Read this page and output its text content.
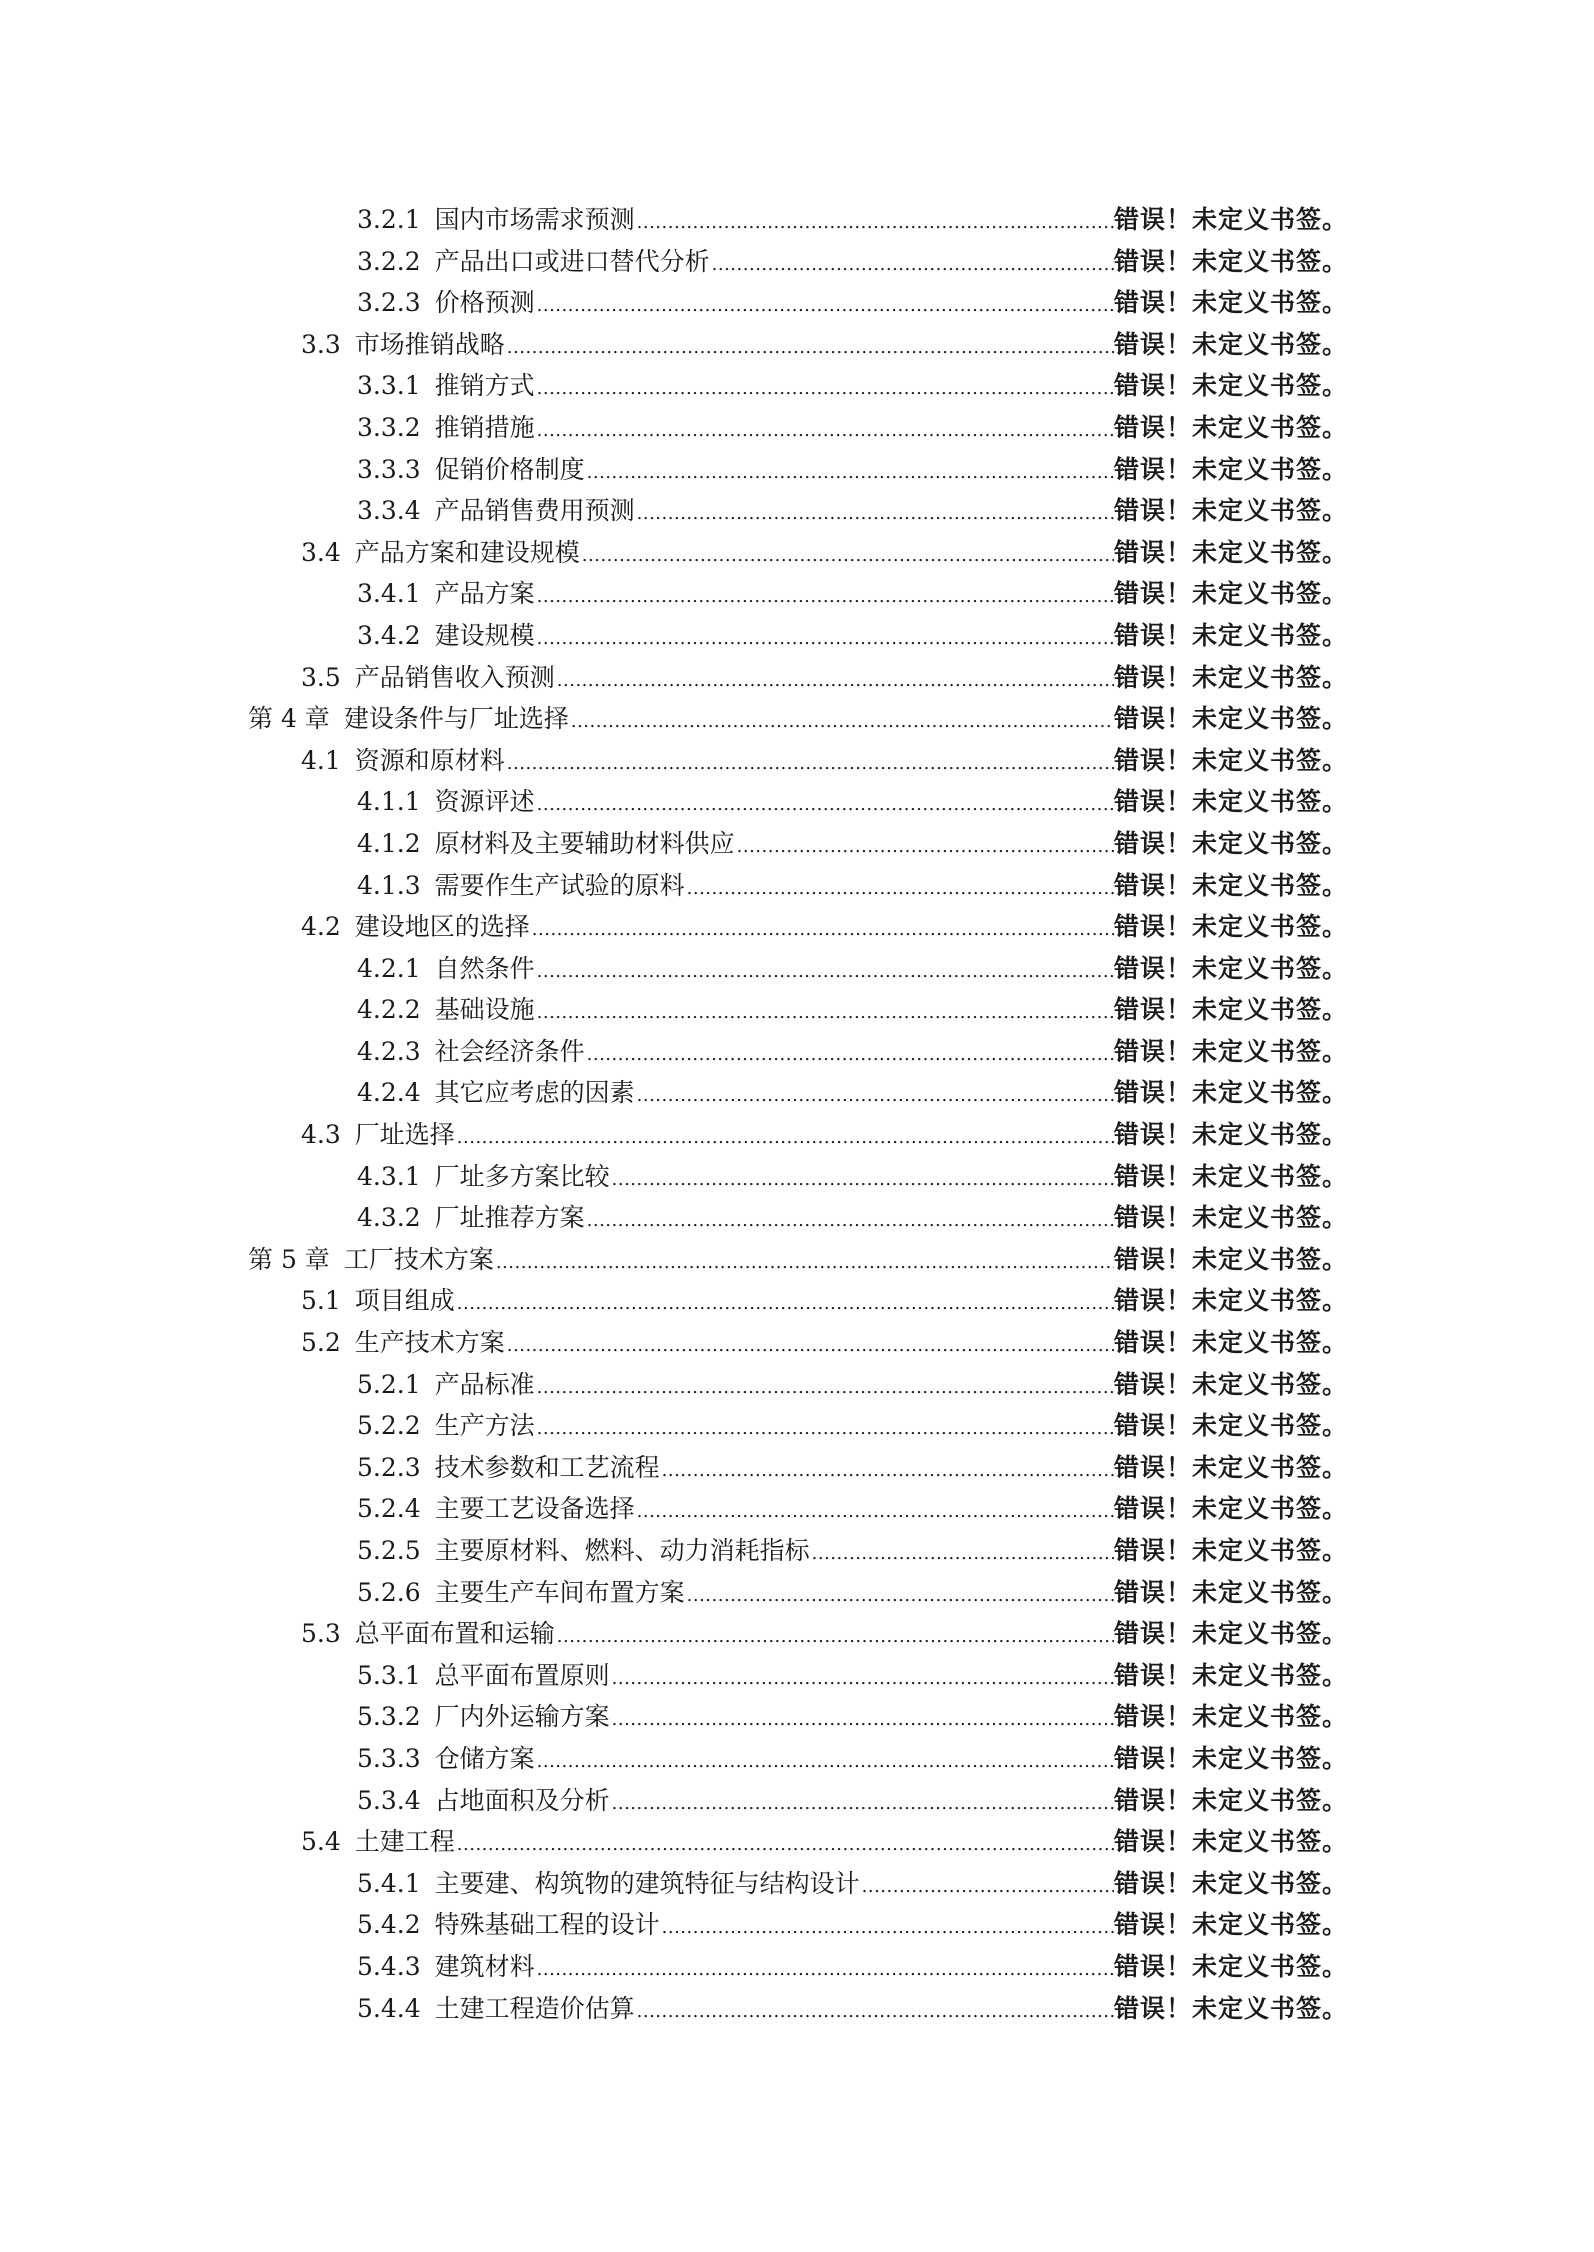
3.2.1 国内市场需求预测 .....	错误！未定义书签。
3.2.2 产品出口或进口替代分析 .....	错误！未定义书签。
3.2.3 价格预测 .....	错误！未定义书签。
3.3 市场推销战略 .....	错误！未定义书签。
3.3.1 推销方式 .....	错误！未定义书签。
3.3.2 推销措施 .....	错误！未定义书签。
3.3.3 促销价格制度 .....	错误！未定义书签。
3.3.4 产品销售费用预测 .....	错误！未定义书签。
3.4 产品方案和建设规模 .....	错误！未定义书签。
3.4.1 产品方案 .....	错误！未定义书签。
3.4.2 建设规模 .....	错误！未定义书签。
3.5 产品销售收入预测 .....	错误！未定义书签。
第 4 章 建设条件与厂址选择 .....	错误！未定义书签。
4.1 资源和原材料 .....	错误！未定义书签。
4.1.1 资源评述 .....	错误！未定义书签。
4.1.2 原材料及主要辅助材料供应 .....	错误！未定义书签。
4.1.3 需要作生产试验的原料 .....	错误！未定义书签。
4.2 建设地区的选择 .....	错误！未定义书签。
4.2.1 自然条件 .....	错误！未定义书签。
4.2.2 基础设施 .....	错误！未定义书签。
4.2.3 社会经济条件 .....	错误！未定义书签。
4.2.4 其它应考虑的因素 .....	错误！未定义书签。
4.3 厂址选择 .....	错误！未定义书签。
4.3.1 厂址多方案比较 .....	错误！未定义书签。
4.3.2 厂址推荐方案 .....	错误！未定义书签。
第 5 章 工厂技术方案 .....	错误！未定义书签。
5.1 项目组成 .....	错误！未定义书签。
5.2 生产技术方案 .....	错误！未定义书签。
5.2.1 产品标准 .....	错误！未定义书签。
5.2.2 生产方法 .....	错误！未定义书签。
5.2.3 技术参数和工艺流程 .....	错误！未定义书签。
5.2.4 主要工艺设备选择 .....	错误！未定义书签。
5.2.5 主要原材料、燃料、动力消耗指标 .....	错误！未定义书签。
5.2.6 主要生产车间布置方案 .....	错误！未定义书签。
5.3 总平面布置和运输 .....	错误！未定义书签。
5.3.1 总平面布置原则 .....	错误！未定义书签。
5.3.2 厂内外运输方案 .....	错误！未定义书签。
5.3.3 仓储方案 .....	错误！未定义书签。
5.3.4 占地面积及分析 .....	错误！未定义书签。
5.4 土建工程 .....	错误！未定义书签。
5.4.1 主要建、构筑物的建筑特征与结构设计 .....	错误！未定义书签。
5.4.2 特殊基础工程的设计 .....	错误！未定义书签。
5.4.3 建筑材料 .....	错误！未定义书签。
5.4.4 土建工程造价估算 .....	错误！未定义书签。
